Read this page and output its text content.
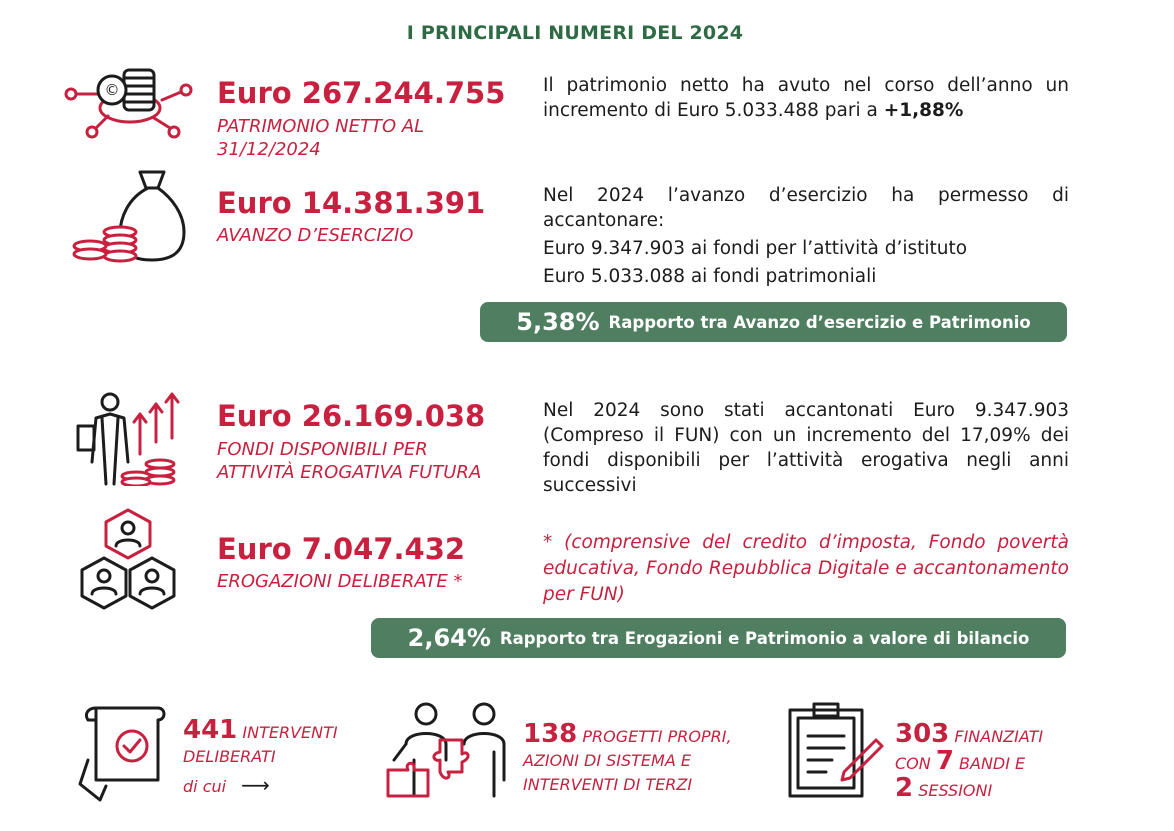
I PRINCIPALI NUMERI DEL 2024
©	Euro 267.244.755
PATRIMONIO NETTO AL
31/12/2024
Il patrimonio netto ha avuto nel corso dell’anno un incremento di Euro 5.033.488 pari a +1,88%
Euro 14.381.391
AVANZO D’ESERCIZIO

Nel 2024 l’avanzo d’esercizio ha permesso di accantonare:

Euro 9.347.903 ai fondi per l’attività d’istituto

Euro 5.033.088 ai fondi patrimoniali

5,38% Rapporto tra Avanzo d’esercizio e Patrimonio
Euro 26.169.038
FONDI DISPONIBILI PER
ATTIVITÀ EROGATIVA FUTURA
Nel 2024 sono stati accantonati Euro 9.347.903 (Compreso il FUN) con un incremento del 17,09% dei fondi disponibili per l’attività erogativa negli anni successivi
Euro 7.047.432
EROGAZIONI DELIBERATE *
* (comprensive del credito d’imposta, Fondo povertà educativa, Fondo Repubblica Digitale e accantonamento per FUN)
2,64% Rapporto tra Erogazioni e Patrimonio a valore di bilancio
441 INTERVENTI
DELIBERATI
di cui ⟶
138 PROGETTI PROPRI,
AZIONI DI SISTEMA E
INTERVENTI DI TERZI
303 FINANZIATI
CON 7 BANDI E
2 SESSIONI
